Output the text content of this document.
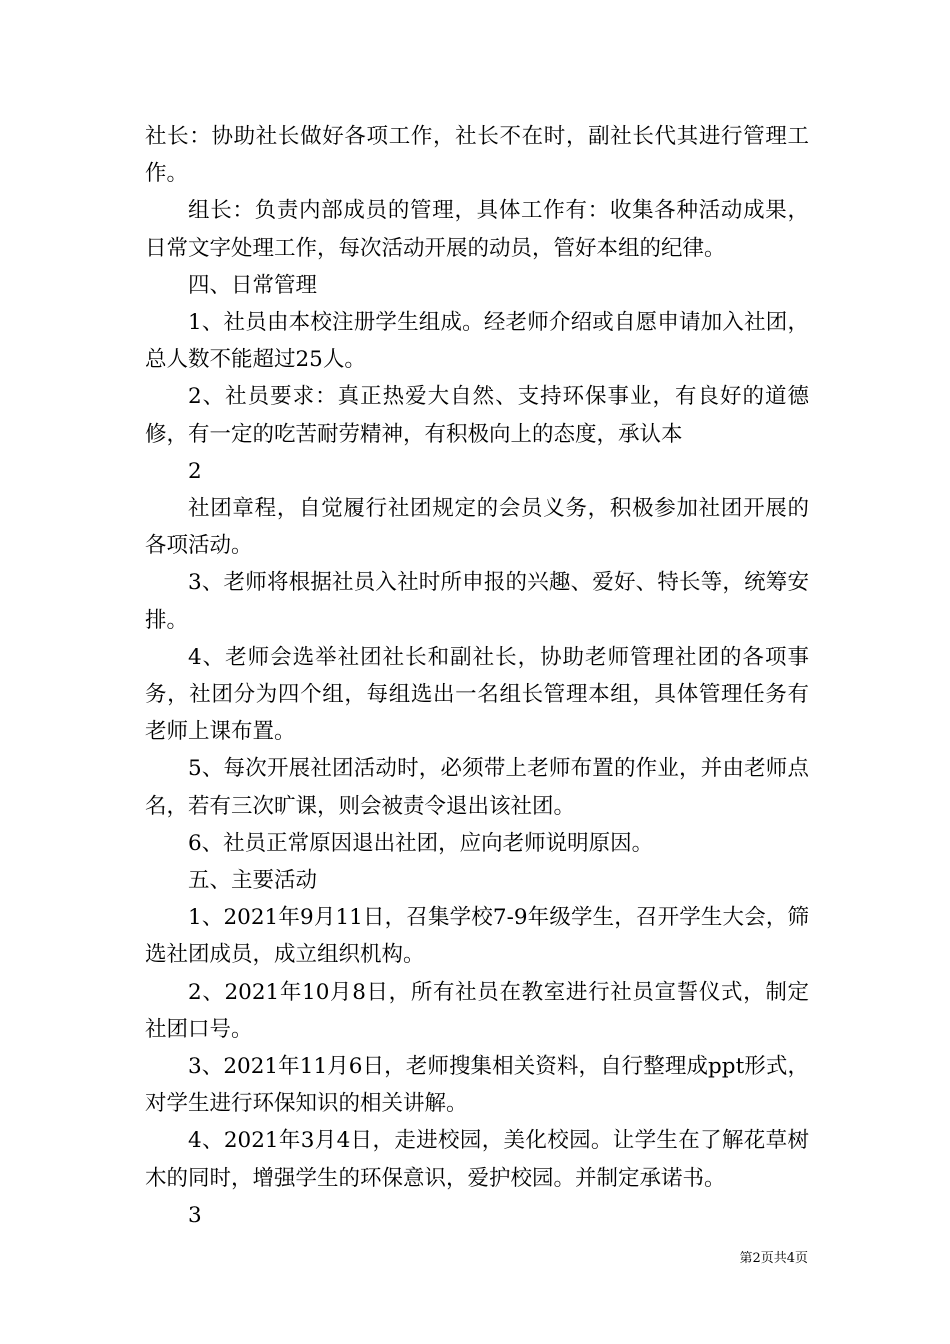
社长：协助社长做好各项工作，社长不在时，副社长代其进行管理工作。

组长：负责内部成员的管理，具体工作有：收集各种活动成果，日常文字处理工作，每次活动开展的动员，管好本组的纪律。

四、日常管理

1、社员由本校注册学生组成。经老师介绍或自愿申请加入社团，总人数不能超过25人。

2、社员要求：真正热爱大自然、支持环保事业，有良好的道德修，有一定的吃苦耐劳精神，有积极向上的态度，承认本

2

社团章程，自觉履行社团规定的会员义务，积极参加社团开展的各项活动。

3、老师将根据社员入社时所申报的兴趣、爱好、特长等，统筹安排。

4、老师会选举社团社长和副社长，协助老师管理社团的各项事务，社团分为四个组，每组选出一名组长管理本组，具体管理任务有老师上课布置。

5、每次开展社团活动时，必须带上老师布置的作业，并由老师点名，若有三次旷课，则会被责令退出该社团。

6、社员正常原因退出社团，应向老师说明原因。

五、主要活动

1、2021年9月11日，召集学校7-9年级学生，召开学生大会，筛选社团成员，成立组织机构。

2、2021年10月8日，所有社员在教室进行社员宣誓仪式，制定社团口号。

3、2021年11月6日，老师搜集相关资料，自行整理成ppt形式，对学生进行环保知识的相关讲解。

4、2021年3月4日，走进校园，美化校园。让学生在了解花草树木的同时，增强学生的环保意识，爱护校园。并制定承诺书。

3

第2页共4页
